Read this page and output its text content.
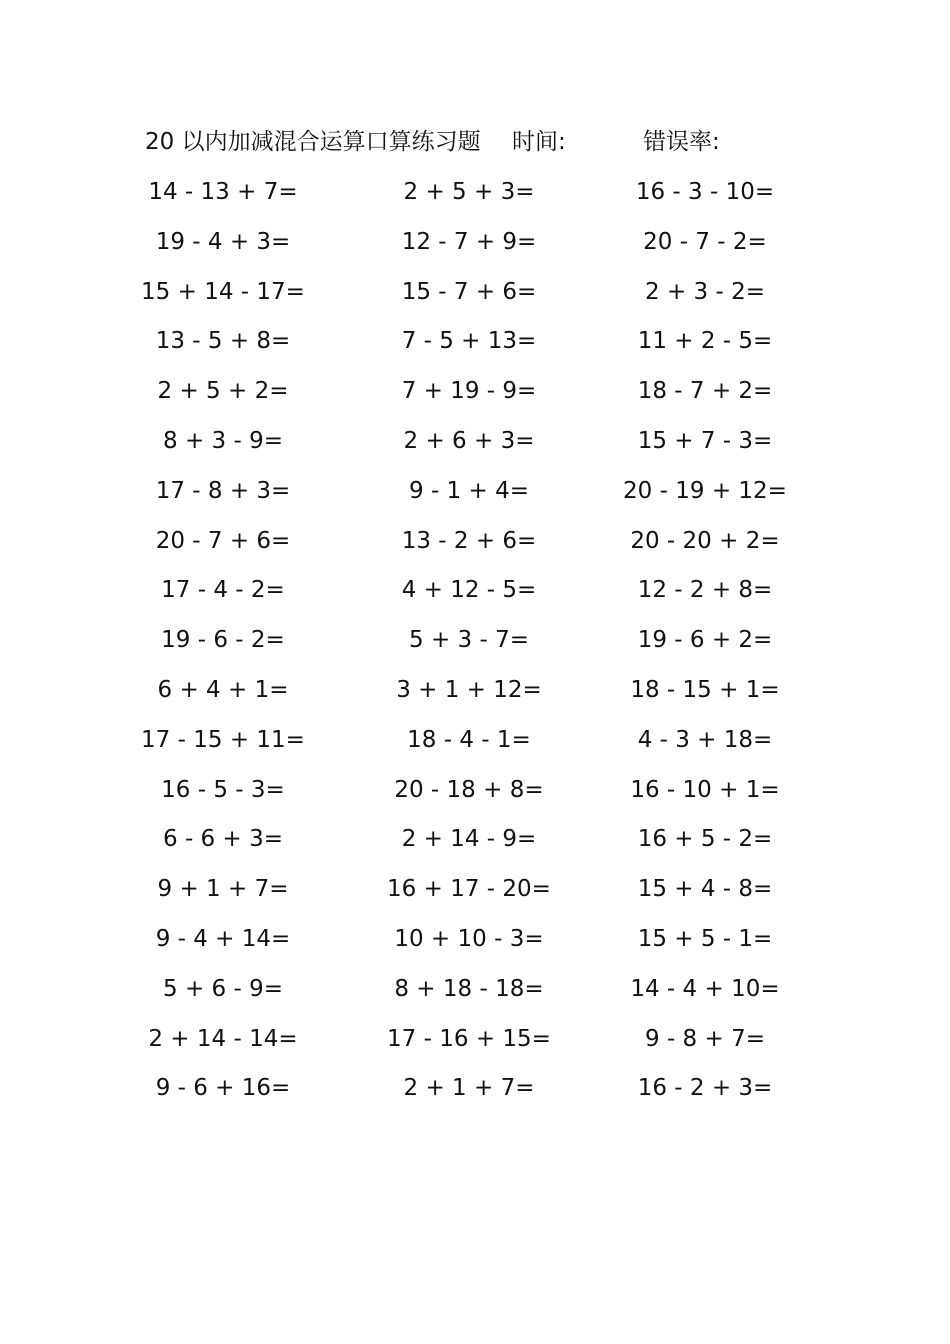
20 以内加减混合运算口算练习题 时间:	错误率:
14 - 13 + 7=	2 + 5 + 3=	16 - 3 - 10=
19 - 4 + 3=	12 - 7 + 9=	20 - 7 - 2=
15 + 14 - 17=	15 - 7 + 6=	2 + 3 - 2=
13 - 5 + 8=	7 - 5 + 13=	11 + 2 - 5=
2 + 5 + 2=	7 + 19 - 9=	18 - 7 + 2=
8 + 3 - 9=	2 + 6 + 3=	15 + 7 - 3=
17 - 8 + 3=	9 - 1 + 4=	20 - 19 + 12=
20 - 7 + 6=	13 - 2 + 6=	20 - 20 + 2=
17 - 4 - 2=	4 + 12 - 5=	12 - 2 + 8=
19 - 6 - 2=	5 + 3 - 7=	19 - 6 + 2=
6 + 4 + 1=	3 + 1 + 12=	18 - 15 + 1=
17 - 15 + 11=	18 - 4 - 1=	4 - 3 + 18=
16 - 5 - 3=	20 - 18 + 8=	16 - 10 + 1=
6 - 6 + 3=	2 + 14 - 9=	16 + 5 - 2=
9 + 1 + 7=	16 + 17 - 20=	15 + 4 - 8=
9 - 4 + 14=	10 + 10 - 3=	15 + 5 - 1=
5 + 6 - 9=	8 + 18 - 18=	14 - 4 + 10=
2 + 14 - 14=	17 - 16 + 15=	9 - 8 + 7=
9 - 6 + 16=	2 + 1 + 7=	16 - 2 + 3=
